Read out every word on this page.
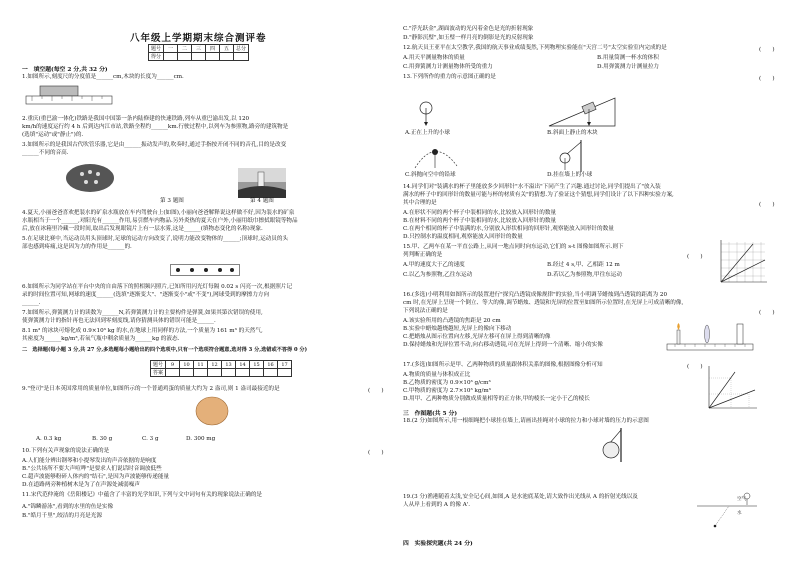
八年级上学期期末综合测评卷
题号	一	二	三	四	五	总分
得分						
一　填空题(每空 2 分,共 32 分)
1.如图所示,刻度尺的分度值是______cm,木块的长度为______cm.
2.重庆(重巴渝一体化)铁路是我国中国第一条内陆修建的快速铁路,列车从重巴渝出发,以 120
km/h的速度运行约 4 h 后到达内江市站,铁路全程约______km.行驶过程中,以列车为参照物,路旁的建筑物是
(选填"运动"或"静止")的.
3.如图所示的是我国古代吹管乐器,它是由______振动发声的,吹奏时,通过手指按开闭不同的音孔,目的是改变
______不同的音高.
第 3 题图	第 4 题图
4.夏天,小丽爸爸喜欢把装水的矿泉水瓶放在车内驾驶台上(如图),小丽向爸爸解释说这样做不好,因为装水的矿泉
水瓶相当于一个______,对阳光有______作用,易引燃车内物品.另外炎热的夏天在户外,小丽用纸巾擦拭眼镜等物品
后,放在冰箱里冷藏一段时间,取出后发现眼镜片上有一层水雾,这是______(填物态变化的名称)现象.
5.在足球比赛中,当运动员用头顶球时,足球的运动方向改变了,说明力能改变物体的______;顶球时,运动员的头
部也感到疼痛,这是因为力的作用是______的.
6.如图所示为同学站在平台中央的自由落下的照相频闪照片,已知所用闪光灯每隔 0.02 s 闪亮一次,根据照片记
录的时间位置可知,网球的速度______(选填"逐渐变大"、"逐渐变小"或"不变"),网球受到的摩擦力方向
______.
7.如图所示,弹簧测力计的读数为______N,若弹簧测力计的主要构件是弹簧,如果其第次错误的使用,
使弹簧测力计的指针再也无法回到零刻度线,请你猜测具体的错误可能是______.
8.1 m³ 的冰块可熔化成 0.9×10³ kg 的水,在地球上用同样的方法,一个质量为 161 m³ 的天然气,
其密度为______kg/m³,若氧气瓶中剩余质量为______kg 的液态.
二　选择题(每小题 3 分,共 27 分,多选题每小题给出的四个选项中,只有一个选项符合题意,选对得 3 分,选错或不答得 0 分)
题号	9	10	11	12	13	14	15	16	17
答案									
9."登司"是日本英国常用的质量单位,如图所示的一个普通鸡蛋的质量大约为 2 盎司,则 1 盎司最接近的是	(　　)
A. 0.3 kg	B. 30 g	C. 3 g	D. 300 mg
10.下列有关声现象的说法正确的是	(　　)
A.人们能分辨出钢琴和小提琴发出的声音依据的是响度
B."公共场所不要大声喧哗"是要求人们说话时音调放低些
C.超声波能够粉碎人体内的"结石",是因为声波能够传递能量
D.在道路两旁种植树木是为了在声源处减弱噪声
11.宋代范仲淹的《岳阳楼记》中蕴含了丰富的光学知识,下列与文中词句有关的现象说法正确的是
A."锦鳞游泳",看到的水里的鱼是实像
B."皓月千里",皎洁的月亮是光源
C."浮光跃金",湖面波动的光闪着金色是光的折射现象
D."静影沉璧",如玉璧一样月亮的倒影是光的反射现象
12.航天员王亚平在太空教学,我国的航天事业成绩斐然,下列物理实验能在"天宫二号"太空实验室内完成的是	(　　)
A.用天平测量物体的质量	B.用量筒测一杯水的体积
C.用弹簧测力计测量物体所受的重力	D.用弹簧测力计测量拉力
13.下列所作的重力的示意图正确的是	(　　)
A.正在上升的小球	B.斜面上静止的木块
C.斜抛向空中的铅球	D.挂在墙上的小球
14.同学们对"装满水的杯子里能放多少回形针"水不溢出"下同产生了兴趣.通过讨论,同学们提出了"放入装
满水的杯子中的回形针的数量可能与杯的材质有关"的猜想.为了验证这个猜想,同学们设计了以下四种实验方案,
其中合理的是	(　　)
A.在形状不同的两个杯子中装相同的水,比较放入回形针的数量
B.在材料不同的两个杯子中装相同的水,比较放入回形针的数量
C.在两个相同的杯子中装满的水,分别放入形状相同的回形针,观察能放入回形针的数量
D.只控制水的温度相同,观察能放入回形针的数量
15.甲、乙两车在某一平直公路上,从同一地点同时向东运动,它们的 s-t 图像如图所示.则下
列判断正确的是	(　　)
A.甲的速度大于乙的速度	B.经过 4 s,甲、乙相距 12 m
C.以乙为参照物,乙往东运动	D.若以乙为参照物,甲往东运动
16.(多选)小明利用如图所示的装置进行"探究凸透镜成像规律"的实验,当小明调节蜡烛到凸透镜的距离为 20
cm 时,在光屏上呈现一个倒立、等大的像,调节蜡烛、透镜和光屏的位置至如图所示位置时,在光屏上可成清晰的像,
下列说法正确的是	(　　)
A.该实验所用的凸透镜的焦距是 20 cm
B.实验中蜡烛越烧越短,光屏上的像向下移动
C.把蜡烛从图示位置向左移,光屏左移可在屏上得到清晰的像
D.保持蜡烛和光屏位置不动,向右移动透镜,可在光屏上得到一个清晰、缩小的实像
17.(多选)如图所示是甲、乙两种物质的质量跟体积关系的图像,根据图像分析可知	(　　)
A.物质的质量与体积成正比
B.乙物质的密度为 0.9×10³ g/cm³
C.甲物质的密度为 2.7×10³ kg/m³
D.用甲、乙两种物质分别做成质量相等的正方体,甲的棱长一定小于乙的棱长
三　作图题(共 5 分)
18.(2 分)如图所示,用一根细绳把小球挂在墙上,请画出挂绳对小球的拉力和小球对墙的压力的示意图
19.(3 分)渔港随着太浅,安全记心间,如图,A 是水池底某处,请大致作出光线从 A 的折射光线以及
人从岸上看到的 A 的像 A'.
空气
水
四　实验探究题(共 24 分)
